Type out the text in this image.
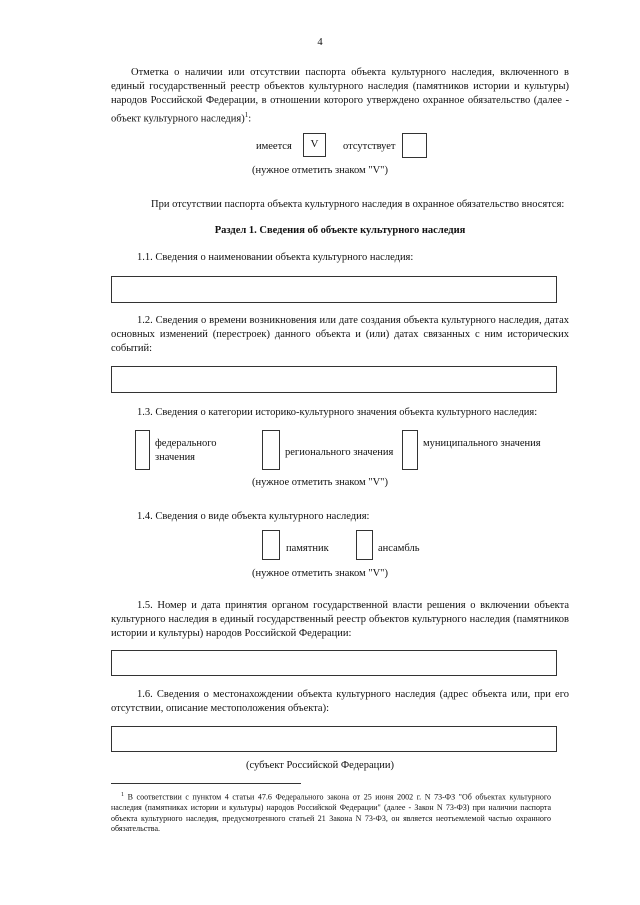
4
Отметка о наличии или отсутствии паспорта объекта культурного наследия, включенного в единый государственный реестр объектов культурного наследия (памятников истории и культуры) народов Российской Федерации, в отношении которого утверждено охранное обязательство (далее - объект культурного наследия)$^1$:
имеется	V	отсутствует
(нужное отметить знаком "V")
При отсутствии паспорта объекта культурного наследия в охранное обязательство вносятся:
Раздел 1. Сведения об объекте культурного наследия
1.1. Сведения о наименовании объекта культурного наследия:
1.2. Сведения о времени возникновения или дате создания объекта культурного наследия, датах основных изменений (перестроек) данного объекта и (или) датах связанных с ним исторических событий:
1.3. Сведения о категории историко-культурного значения объекта культурного наследия:
федерального значения	регионального значения
муниципального значения
(нужное отметить знаком "V")
1.4. Сведения о виде объекта культурного наследия:
памятник	ансамбль
(нужное отметить знаком "V")
1.5. Номер и дата принятия органом государственной власти решения о включении объекта культурного наследия в единый государственный реестр объектов культурного наследия (памятников истории и культуры) народов Российской Федерации:
1.6. Сведения о местонахождении объекта культурного наследия (адрес объекта или, при его отсутствии, описание местоположения объекта):
(субъект Российской Федерации)
$^1$ В соответствии с пунктом 4 статьи 47.6 Федерального закона от 25 июня 2002 г. N 73-ФЗ "Об объектах культурного наследия (памятниках истории и культуры) народов Российской Федерации" (далее - Закон N 73-ФЗ) при наличии паспорта объекта культурного наследия, предусмотренного статьей 21 Закона N 73-ФЗ, он является неотъемлемой частью охранного обязательства.
